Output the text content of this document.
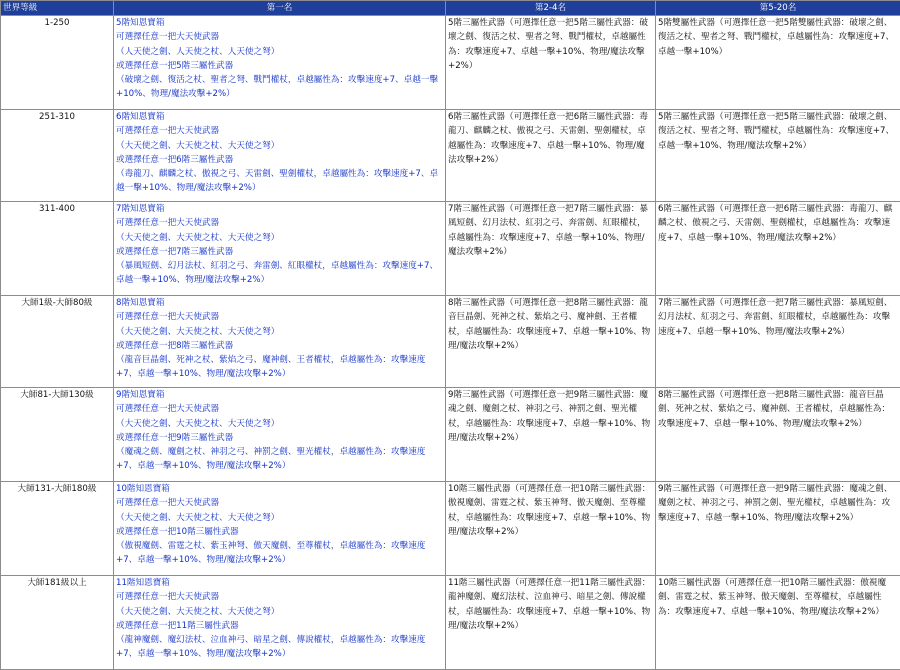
世界等級	第一名	第2-4名	第5-20名
1-250	5階知恩寶箱
可選擇任意一把大天使武器
（人天使之劍、人天使之杖、人天使之弩）
或選擇任意一把5階三屬性武器
（破壞之劍、復活之杖、聖者之弩、戰鬥權杖，卓越屬性為：攻擊速度+7、卓越一擊+10%、物理/魔法攻擊+2%）	5階三屬性武器（可選擇任意一把5階三屬性武器：破壞之劍、復活之杖、聖者之弩、戰鬥權杖，卓越屬性為：攻擊速度+7、卓越一擊+10%、物理/魔法攻擊+2%）	5階雙屬性武器（可選擇任意一把5階雙屬性武器：破壞之劍、復活之杖、聖者之弩、戰鬥權杖，卓越屬性為：攻擊速度+7、卓越一擊+10%）

251-310	6階知恩寶箱
可選擇任意一把大天使武器
（大天使之劍、大天使之杖、大天使之弩）
或選擇任意一把6階三屬性武器
（毒龍刀、麒麟之杖、傲視之弓、天雷劍、聖劍權杖，卓越屬性為：攻擊速度+7、卓越一擊+10%、物理/魔法攻擊+2%）	6階三屬性武器（可選擇任意一把6階三屬性武器：毒龍刀、麒麟之杖、傲視之弓、天雷劍、聖劍權杖，卓越屬性為：攻擊速度+7、卓越一擊+10%、物理/魔法攻擊+2%）	5階三屬性武器（可選擇任意一把5階三屬性武器：破壞之劍、復活之杖、聖者之弩、戰鬥權杖，卓越屬性為：攻擊速度+7、卓越一擊+10%、物理/魔法攻擊+2%）

311-400	7階知恩寶箱
可選擇任意一把大天使武器
（大天使之劍、大天使之杖、大天使之弩）
或選擇任意一把7階三屬性武器
（暴風短劍、幻月法杖、紅羽之弓、奔雷劍、紅眼權杖，卓越屬性為：攻擊速度+7、卓越一擊+10%、物理/魔法攻擊+2%）	7階三屬性武器（可選擇任意一把7階三屬性武器：暴風短劍、幻月法杖、紅羽之弓、奔雷劍、紅眼權杖，卓越屬性為：攻擊速度+7、卓越一擊+10%、物理/魔法攻擊+2%）	6階三屬性武器（可選擇任意一把6階三屬性武器：毒龍刀、麒麟之杖、傲視之弓、天雷劍、聖劍權杖，卓越屬性為：攻擊速度+7、卓越一擊+10%、物理/魔法攻擊+2%）

大師1級-大師80級	8階知恩寶箱
可選擇任意一把大天使武器
（大天使之劍、大天使之杖、大天使之弩）
或選擇任意一把8階三屬性武器
（龍音巨晶劍、死神之杖、紫焰之弓、魔神劍、王者權杖，卓越屬性為：攻擊速度+7、卓越一擊+10%、物理/魔法攻擊+2%）	8階三屬性武器（可選擇任意一把8階三屬性武器：龍音巨晶劍、死神之杖、紫焰之弓、魔神劍、王者權杖，卓越屬性為：攻擊速度+7、卓越一擊+10%、物理/魔法攻擊+2%）	7階三屬性武器（可選擇任意一把7階三屬性武器：暴風短劍、幻月法杖、紅羽之弓、奔雷劍、紅眼權杖，卓越屬性為：攻擊速度+7、卓越一擊+10%、物理/魔法攻擊+2%）

大師81-大師130級	9階知恩寶箱
可選擇任意一把大天使武器
（大天使之劍、大天使之杖、大天使之弩）
或選擇任意一把9階三屬性武器
（魔魂之劍、魔劍之杖、神羽之弓、神罰之劍、聖光權杖，卓越屬性為：攻擊速度+7、卓越一擊+10%、物理/魔法攻擊+2%）	9階三屬性武器（可選擇任意一把9階三屬性武器：魔魂之劍、魔劍之杖、神羽之弓、神罰之劍、聖光權杖，卓越屬性為：攻擊速度+7、卓越一擊+10%、物理/魔法攻擊+2%）	8階三屬性武器（可選擇任意一把8階三屬性武器：龍音巨晶劍、死神之杖、紫焰之弓、魔神劍、王者權杖，卓越屬性為：攻擊速度+7、卓越一擊+10%、物理/魔法攻擊+2%）

大師131-大師180級	10階知恩寶箱
可選擇任意一把大天使武器
（大天使之劍、大天使之杖、大天使之弩）
或選擇任意一把10階三屬性武器
（傲視魔劍、雷霆之杖、紫玉神弩、傲天魔劍、至尊權杖，卓越屬性為：攻擊速度+7、卓越一擊+10%、物理/魔法攻擊+2%）	10階三屬性武器（可選擇任意一把10階三屬性武器：傲視魔劍、雷霆之杖、紫玉神弩、傲天魔劍、至尊權杖，卓越屬性為：攻擊速度+7、卓越一擊+10%、物理/魔法攻擊+2%）	9階三屬性武器（可選擇任意一把9階三屬性武器：魔魂之劍、魔劍之杖、神羽之弓、神罰之劍、聖光權杖，卓越屬性為：攻擊速度+7、卓越一擊+10%、物理/魔法攻擊+2%）

大師181級以上	11階知恩寶箱
可選擇任意一把大天使武器
（大天使之劍、大天使之杖、大天使之弩）
或選擇任意一把11階三屬性武器
（龍神魔劍、魔幻法杖、泣血神弓、暗星之劍、傳說權杖，卓越屬性為：攻擊速度+7、卓越一擊+10%、物理/魔法攻擊+2%）	11階三屬性武器（可選擇任意一把11階三屬性武器：龍神魔劍、魔幻法杖、泣血神弓、暗星之劍、傳說權杖，卓越屬性為：攻擊速度+7、卓越一擊+10%、物理/魔法攻擊+2%）	10階三屬性武器（可選擇任意一把10階三屬性武器：傲視魔劍、雷霆之杖、紫玉神弩、傲天魔劍、至尊權杖，卓越屬性為：攻擊速度+7、卓越一擊+10%、物理/魔法攻擊+2%）
